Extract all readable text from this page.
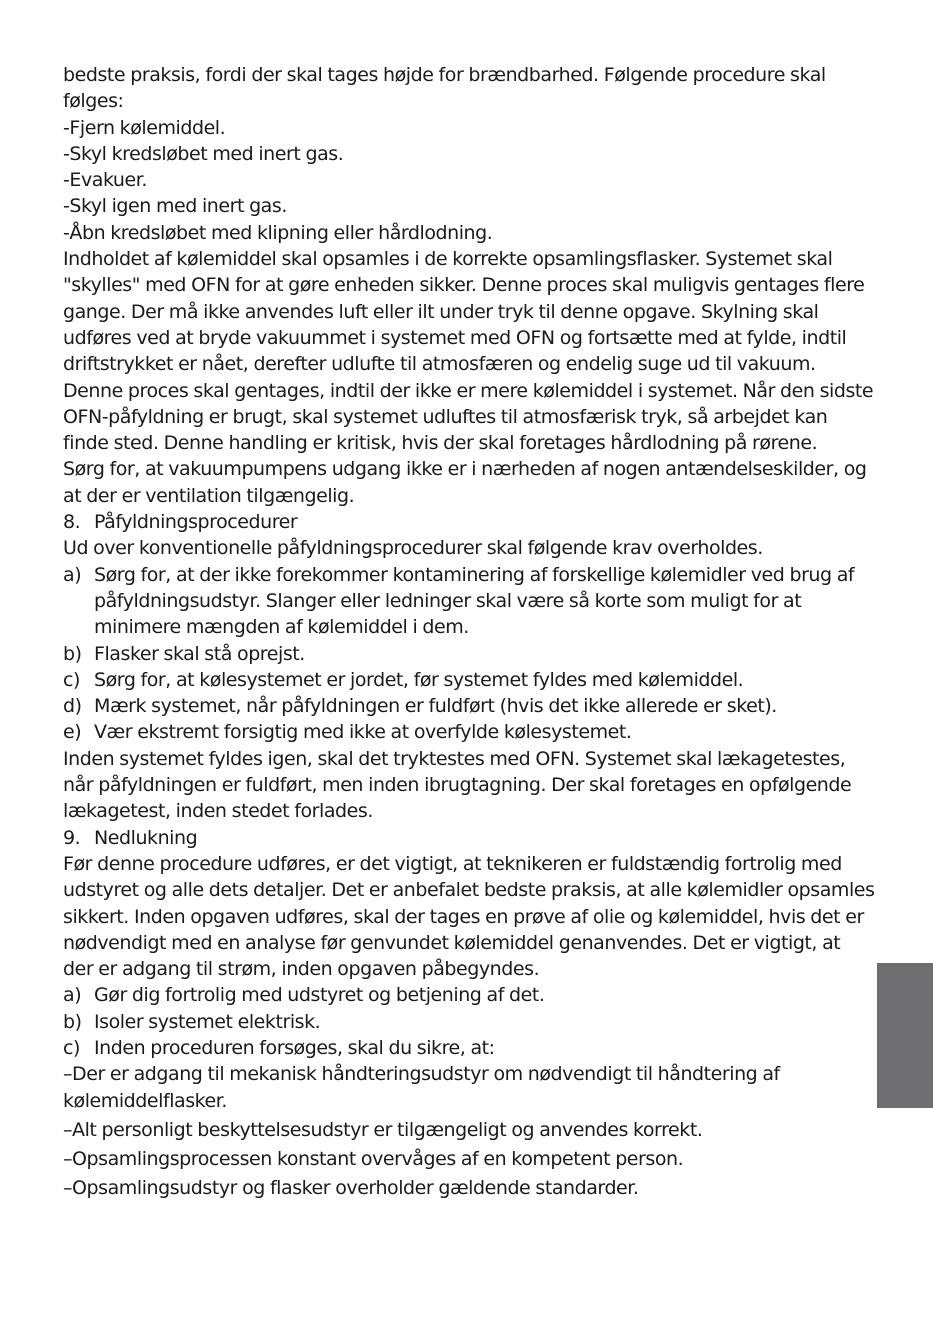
bedste praksis, fordi der skal tages højde for brændbarhed. Følgende procedure skal følges:

-Fjern kølemiddel.

-Skyl kredsløbet med inert gas.

-Evakuer.

-Skyl igen med inert gas.

-Åbn kredsløbet med klipning eller hårdlodning.

Indholdet af kølemiddel skal opsamles i de korrekte opsamlingsflasker. Systemet skal "skylles" med OFN for at gøre enheden sikker. Denne proces skal muligvis gentages flere gange. Der må ikke anvendes luft eller ilt under tryk til denne opgave. Skylning skal udføres ved at bryde vakuummet i systemet med OFN og fortsætte med at fylde, indtil driftstrykket er nået, derefter udlufte til atmosfæren og endelig suge ud til vakuum. Denne proces skal gentages, indtil der ikke er mere kølemiddel i systemet. Når den sidste OFN-påfyldning er brugt, skal systemet udluftes til atmosfærisk tryk, så arbejdet kan finde sted. Denne handling er kritisk, hvis der skal foretages hårdlodning på rørene.

Sørg for, at vakuumpumpens udgang ikke er i nærheden af nogen antændelseskilder, og at der er ventilation tilgængelig.

8. Påfyldningsprocedurer

Ud over konventionelle påfyldningsprocedurer skal følgende krav overholdes.

a) Sørg for, at der ikke forekommer kontaminering af forskellige kølemidler ved brug af påfyldningsudstyr. Slanger eller ledninger skal være så korte som muligt for at minimere mængden af kølemiddel i dem.
b) Flasker skal stå oprejst.
c) Sørg for, at kølesystemet er jordet, før systemet fyldes med kølemiddel.
d) Mærk systemet, når påfyldningen er fuldført (hvis det ikke allerede er sket).
e) Vær ekstremt forsigtig med ikke at overfylde kølesystemet.

Inden systemet fyldes igen, skal det tryktestes med OFN. Systemet skal lækagetestes, når påfyldningen er fuldført, men inden ibrugtagning. Der skal foretages en opfølgende lækagetest, inden stedet forlades.

9. Nedlukning

Før denne procedure udføres, er det vigtigt, at teknikeren er fuldstændig fortrolig med udstyret og alle dets detaljer. Det er anbefalet bedste praksis, at alle kølemidler opsamles sikkert. Inden opgaven udføres, skal der tages en prøve af olie og kølemiddel, hvis det er nødvendigt med en analyse før genvundet kølemiddel genanvendes. Det er vigtigt, at der er adgang til strøm, inden opgaven påbegyndes.

a) Gør dig fortrolig med udstyret og betjening af det.
b) Isoler systemet elektrisk.
c) Inden proceduren forsøges, skal du sikre, at:

–Der er adgang til mekanisk håndteringsudstyr om nødvendigt til håndtering af kølemiddelflasker.

–Alt personligt beskyttelsesudstyr er tilgængeligt og anvendes korrekt.

–Opsamlingsprocessen konstant overvåges af en kompetent person.

–Opsamlingsudstyr og flasker overholder gældende standarder.
